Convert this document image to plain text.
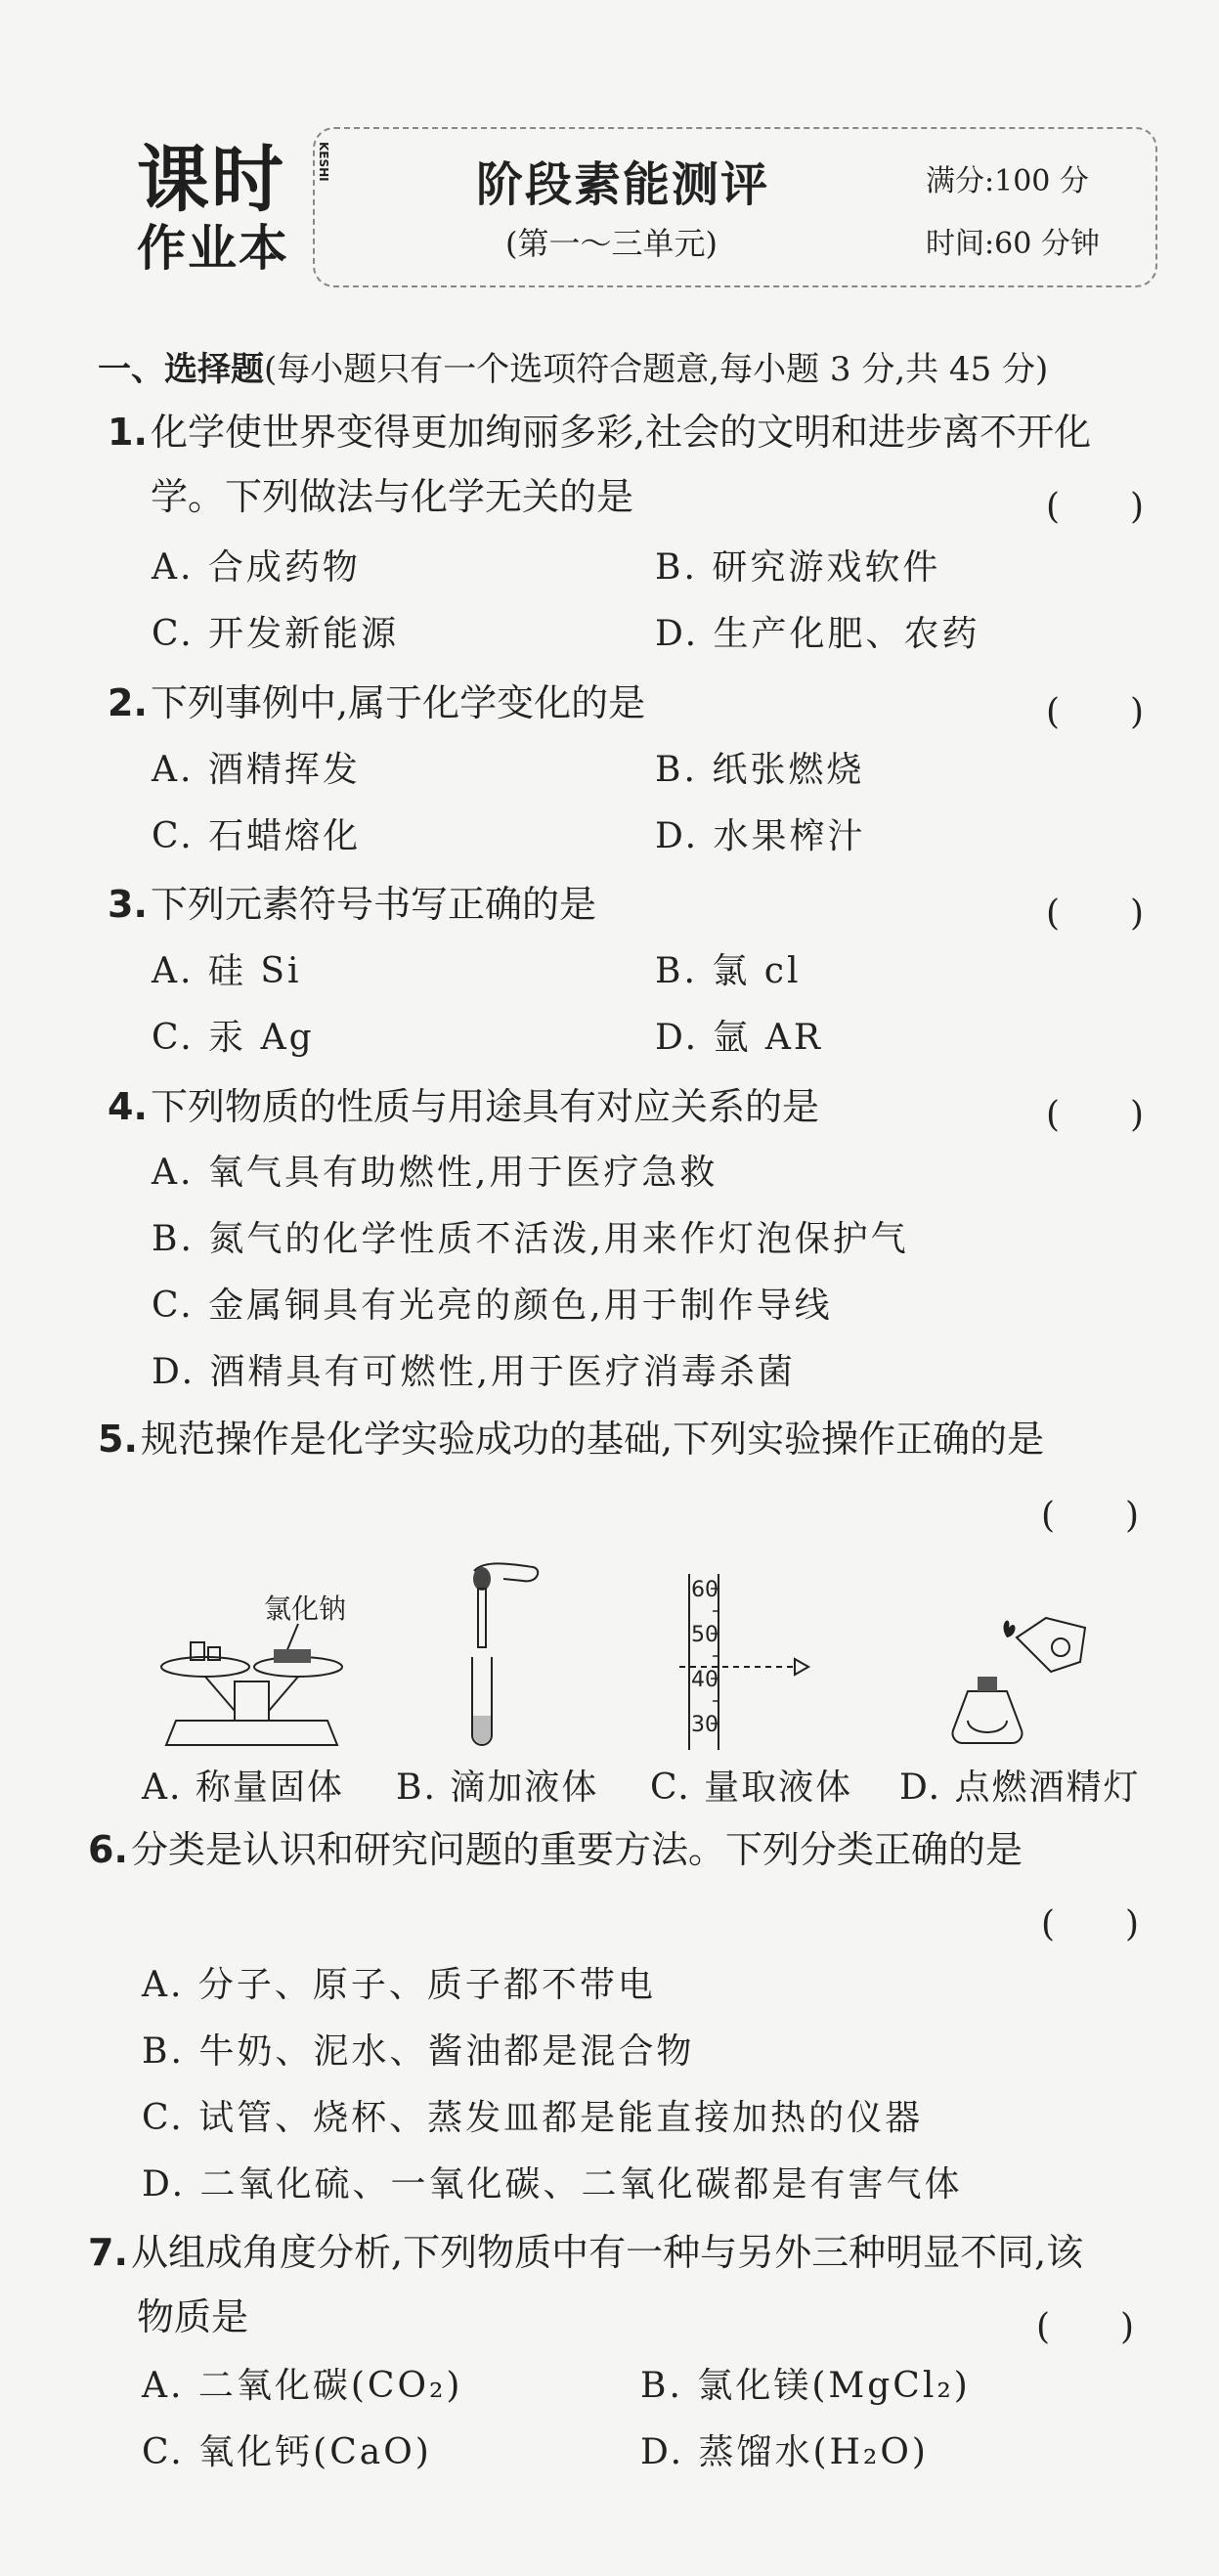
课时	KESHI
作业本
阶段素能测评
(第一～三单元)
满分:100 分
时间:60 分钟
一、选择题(每小题只有一个选项符合题意,每小题 3 分,共 45 分)
1.化学使世界变得更加绚丽多彩,社会的文明和进步离不开化
学。下列做法与化学无关的是	(　　)
A. 合成药物	B. 研究游戏软件
C. 开发新能源	D. 生产化肥、农药
2.下列事例中,属于化学变化的是	(　　)
A. 酒精挥发	B. 纸张燃烧
C. 石蜡熔化	D. 水果榨汁
3.下列元素符号书写正确的是	(　　)
A. 硅 Si	B. 氯 cl
C. 汞 Ag	D. 氩 AR
4.下列物质的性质与用途具有对应关系的是	(　　)
A. 氧气具有助燃性,用于医疗急救
B. 氮气的化学性质不活泼,用来作灯泡保护气
C. 金属铜具有光亮的颜色,用于制作导线
D. 酒精具有可燃性,用于医疗消毒杀菌
5.规范操作是化学实验成功的基础,下列实验操作正确的是
(　　)
氯化钠
60
50
40
30
A. 称量固体 B. 滴加液体 C. 量取液体 D. 点燃酒精灯
6.分类是认识和研究问题的重要方法。下列分类正确的是
(　　)
A. 分子、原子、质子都不带电
B. 牛奶、泥水、酱油都是混合物
C. 试管、烧杯、蒸发皿都是能直接加热的仪器
D. 二氧化硫、一氧化碳、二氧化碳都是有害气体
7.从组成角度分析,下列物质中有一种与另外三种明显不同,该
物质是	(　　)
A. 二氧化碳(CO₂)	B. 氯化镁(MgCl₂)
C. 氧化钙(CaO)	D. 蒸馏水(H₂O)
